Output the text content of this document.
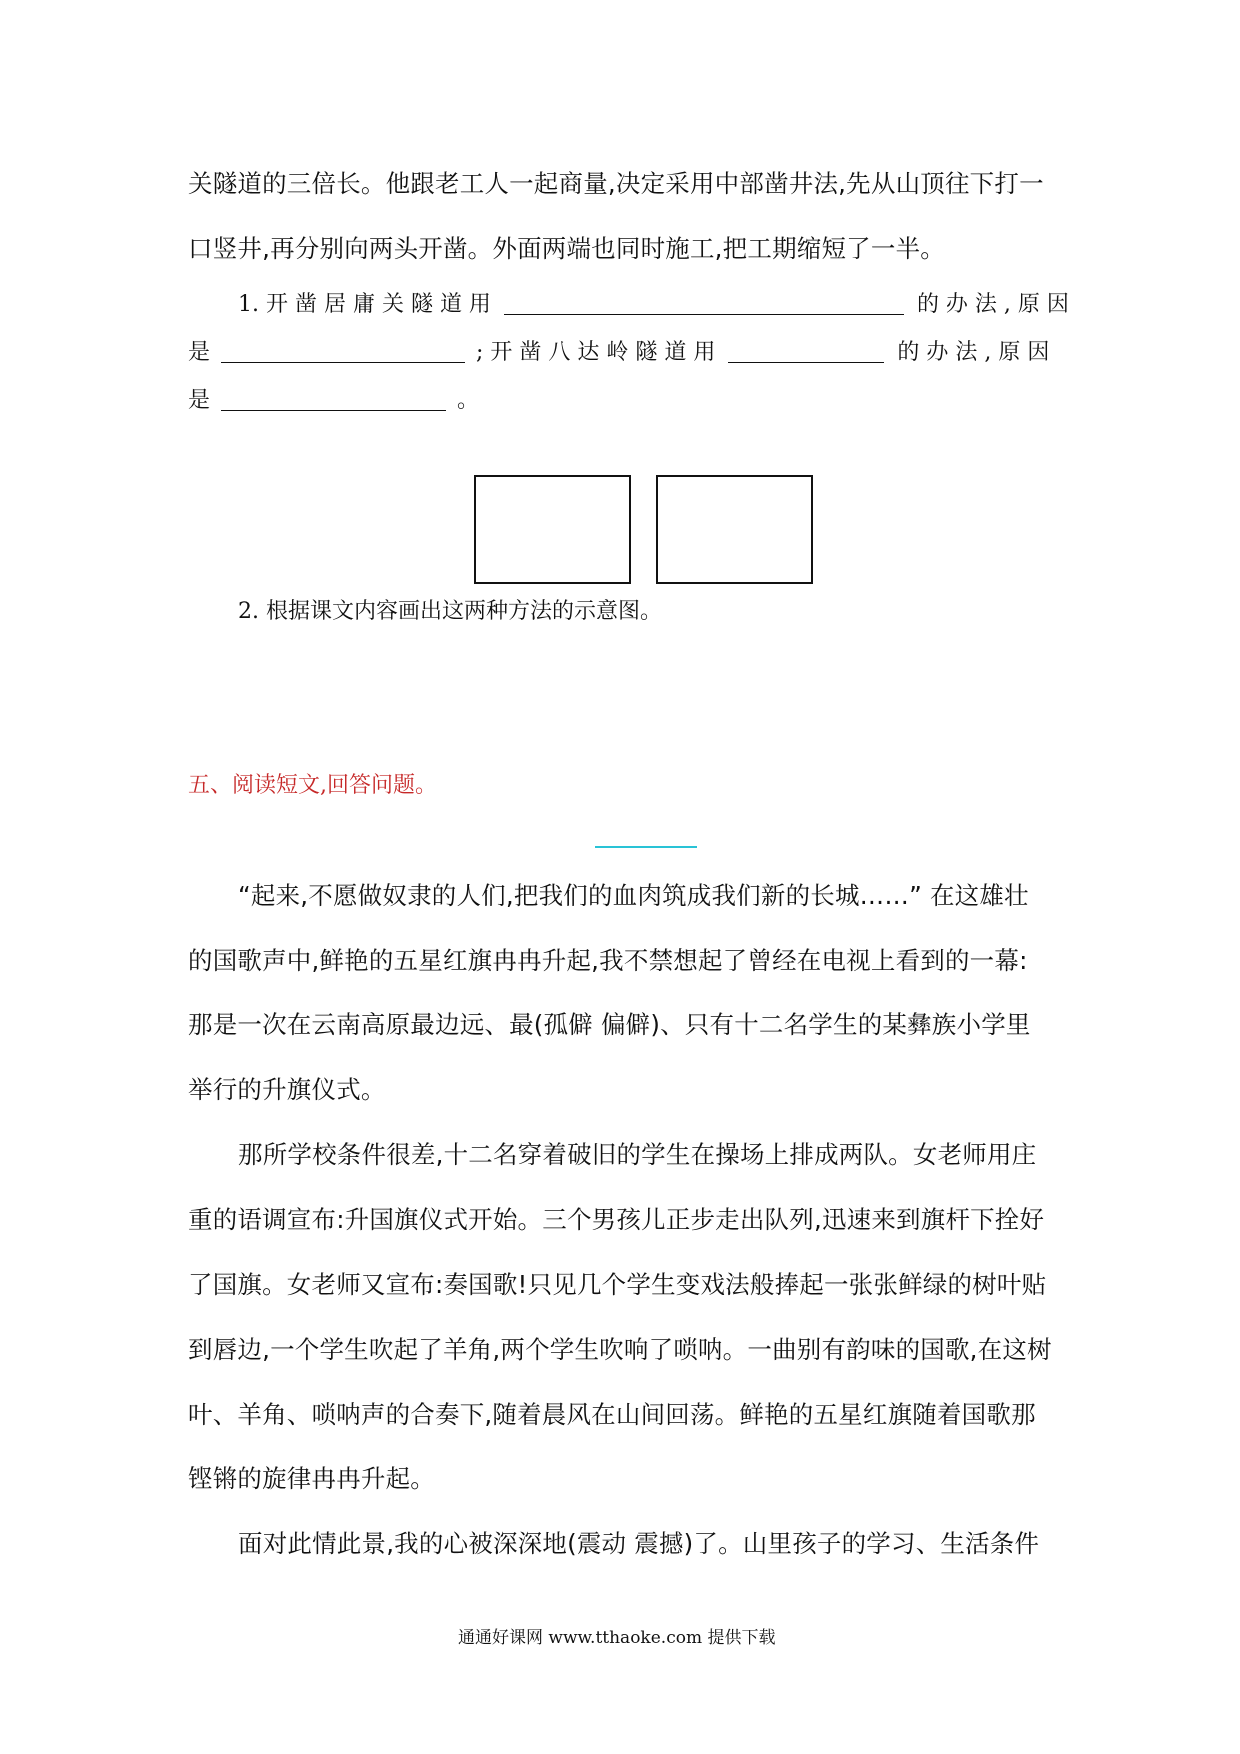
关隧道的三倍长。他跟老工人一起商量,决定采用中部凿井法,先从山顶往下打一
口竖井,再分别向两头开凿。外面两端也同时施工,把工期缩短了一半。
1. 开 凿 居 庸 关 隧 道 用	的 办 法 , 原 因
是	; 开 凿 八 达 岭 隧 道 用	的 办 法 , 原 因
是	。
2. 根据课文内容画出这两种方法的示意图。
五、阅读短文,回答问题。
“起来,不愿做奴隶的人们,把我们的血肉筑成我们新的长城……” 在这雄壮
的国歌声中,鲜艳的五星红旗冉冉升起,我不禁想起了曾经在电视上看到的一幕:
那是一次在云南高原最边远、最(孤僻 偏僻)、只有十二名学生的某彝族小学里
举行的升旗仪式。
那所学校条件很差,十二名穿着破旧的学生在操场上排成两队。女老师用庄
重的语调宣布:升国旗仪式开始。三个男孩儿正步走出队列,迅速来到旗杆下拴好
了国旗。女老师又宣布:奏国歌!只见几个学生变戏法般捧起一张张鲜绿的树叶贴
到唇边,一个学生吹起了羊角,两个学生吹响了唢呐。一曲别有韵味的国歌,在这树
叶、羊角、唢呐声的合奏下,随着晨风在山间回荡。鲜艳的五星红旗随着国歌那
铿锵的旋律冉冉升起。
面对此情此景,我的心被深深地(震动 震撼)了。山里孩子的学习、生活条件
通通好课网 www.tthaoke.com 提供下载
